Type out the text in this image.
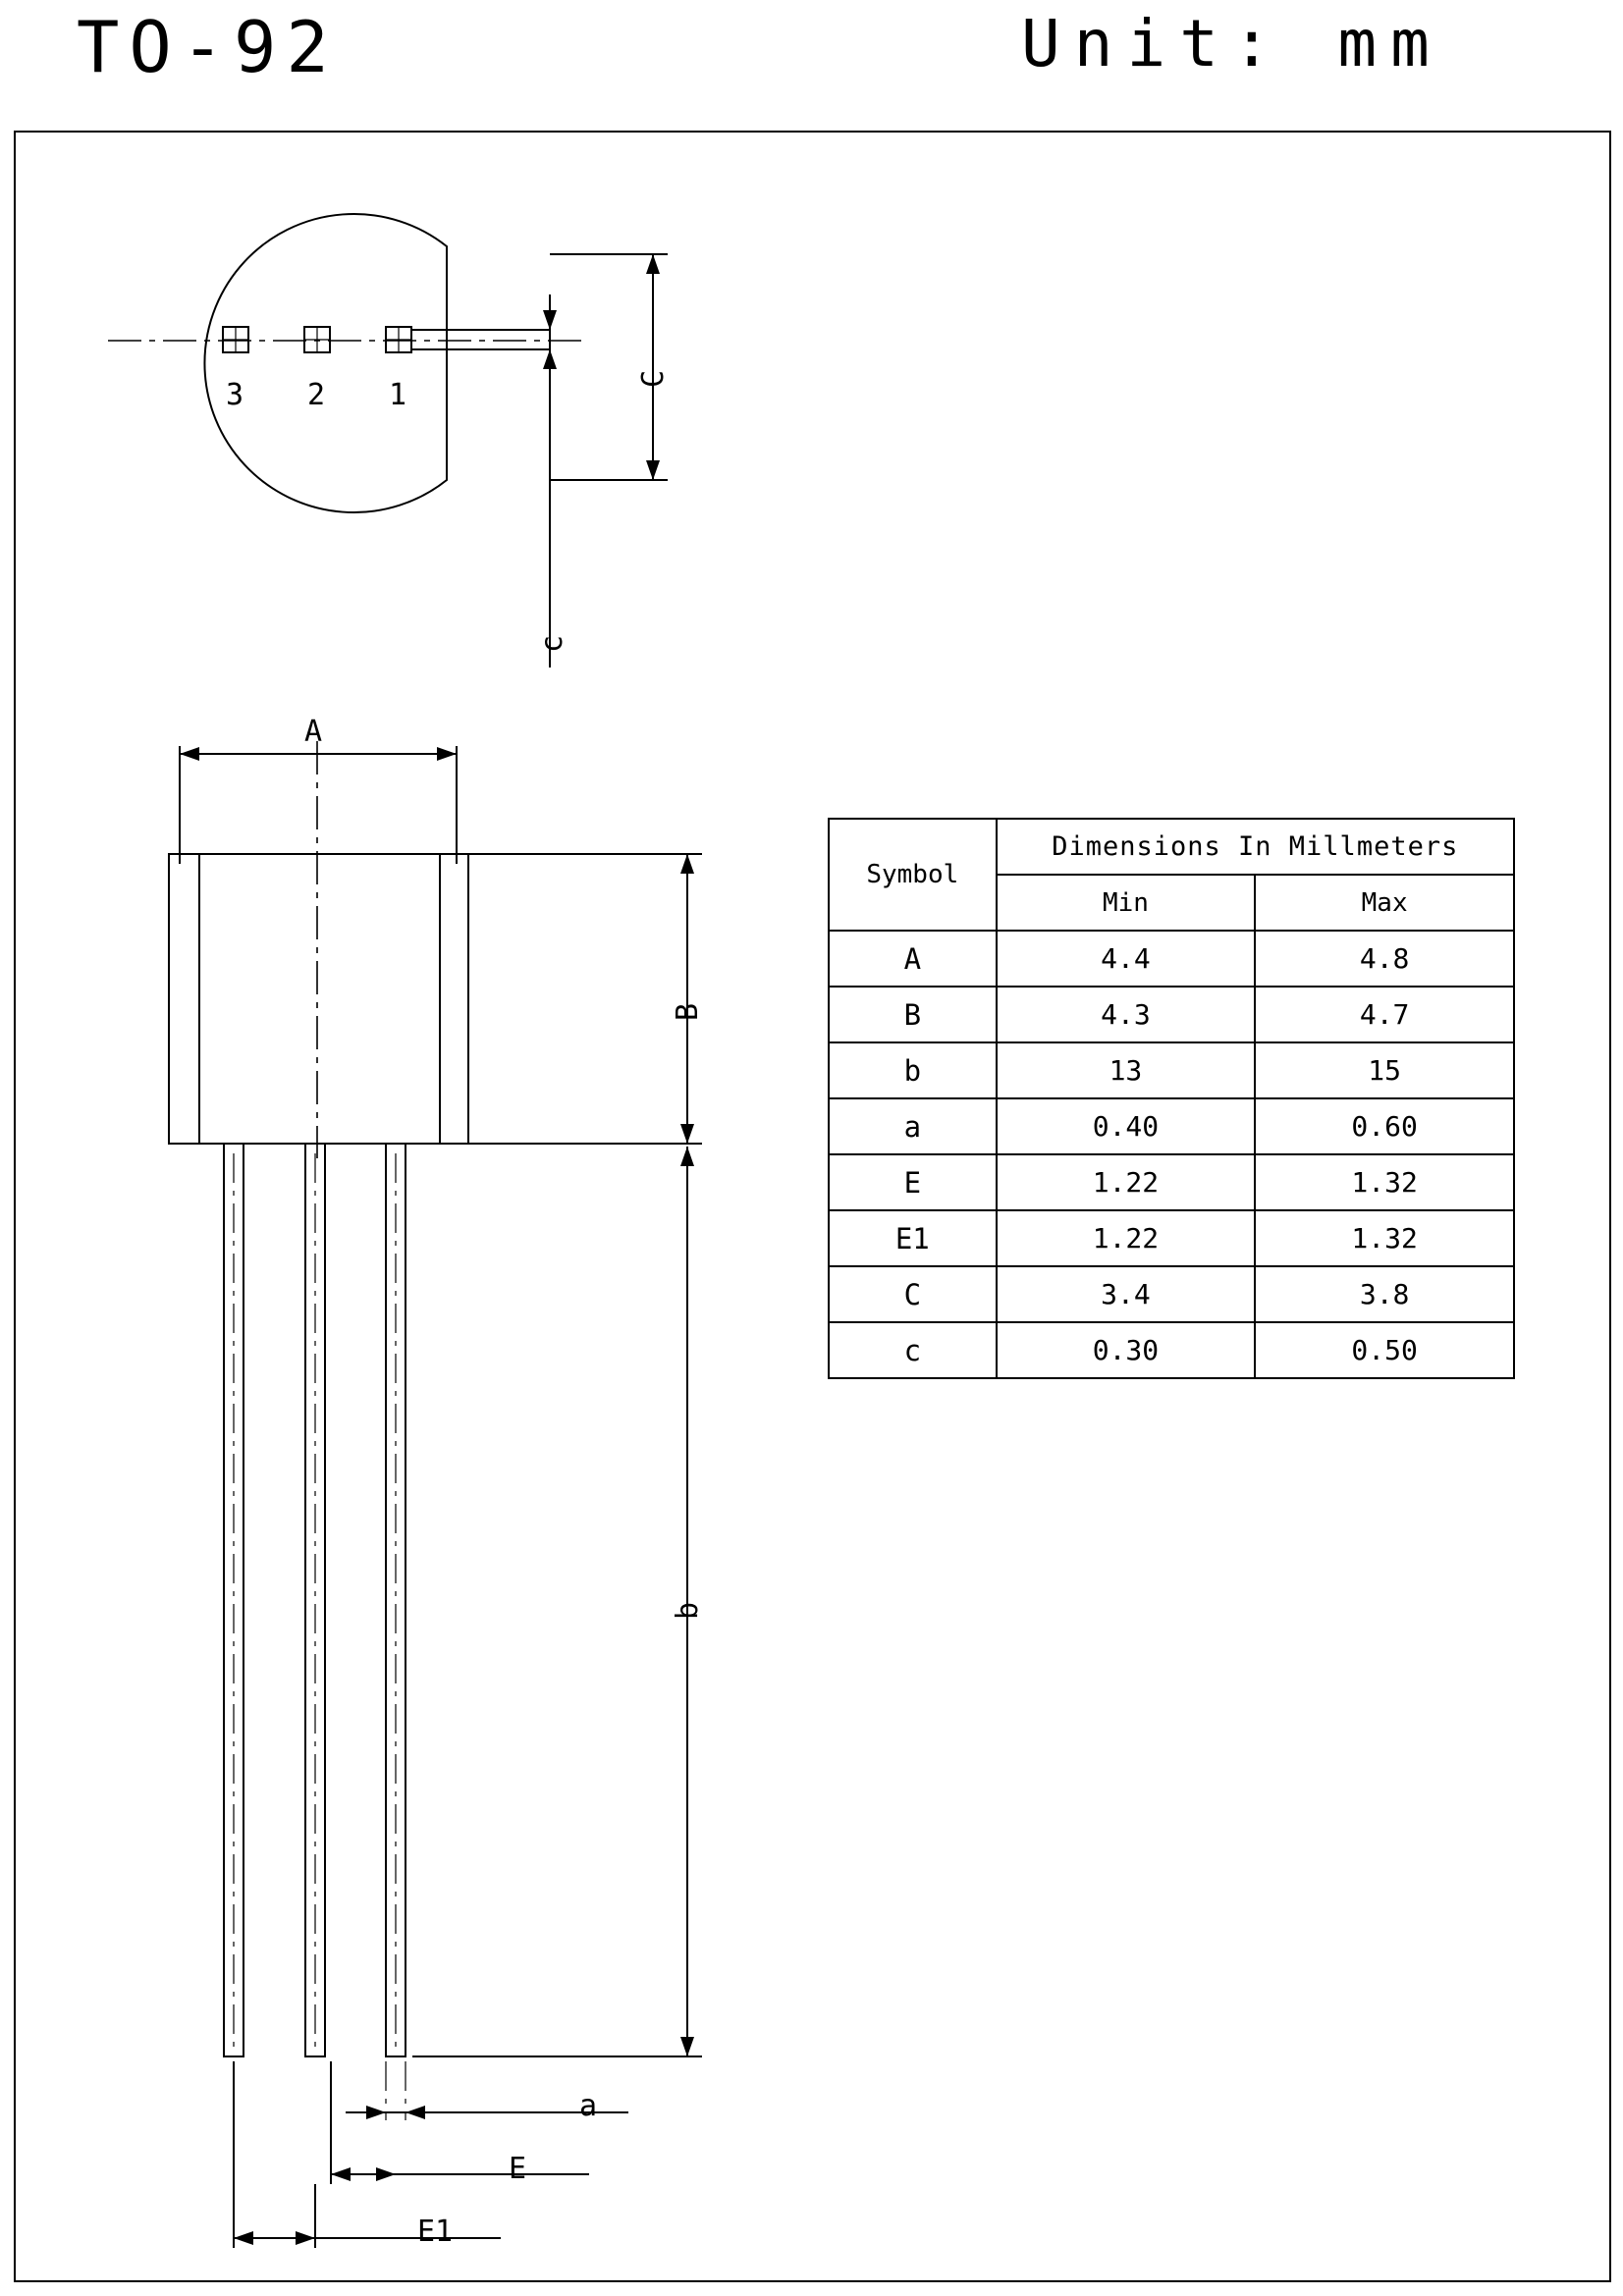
TO-92	Unit: mm
3 2 1	C
c
A
B
b
a
E
E1
Symbol	Dimensions In Millmeters	
	Min	Max
A	4.4	4.8
B	4.3	4.7
b	13	15
a	0.40	0.60
E	1.22	1.32
E1	1.22	1.32
C	3.4	3.8
c	0.30	0.50
